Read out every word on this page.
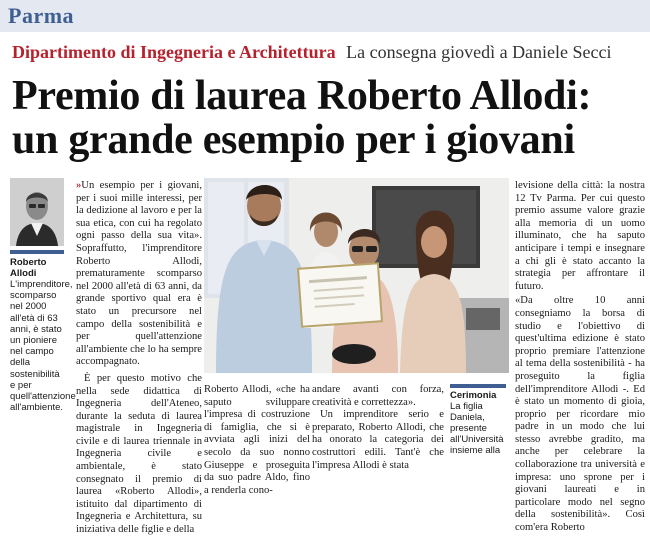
Parma
Dipartimento di Ingegneria e Architettura La consegna giovedì a Daniele Secci
Premio di laurea Roberto Allodi:
un grande esempio per i giovani
Roberto Allodi
L'imprenditore, scomparso nel 2000 all'età di 63 anni, è stato un pioniere nel campo della sostenibilità e per quell'attenzione all'ambiente.

»Un esempio per i giovani, per i suoi mille interessi, per la dedizione al lavoro e per la sua etica, con cui ha regolato ogni passo della sua vita». Sopraffutto, l'imprenditore Roberto Allodi, prematuramente scomparso nel 2000 all'età di 63 anni, da grande sportivo qual era è stato un precursore nel campo della sostenibilità e per quell'attenzione all'ambiente che lo ha sempre accompagnato.

È per questo motivo che nella sede didattica di Ingegneria dell'Ateneo, durante la seduta di laurea magistrale in Ingegneria civile e di laurea triennale in Ingegneria civile e ambientale, è stato consegnato il premio di laurea «Roberto Allodi», istituito dal dipartimento di Ingegneria e Architettura, su iniziativa delle figlie e della

Roberto Allodi, «che ha saputo sviluppare l'impresa di costruzione di famiglia, che si è avviata agli inizi del secolo da suo nonno Giuseppe e proseguita da suo padre Aldo, fino a renderla cono-

andare avanti con forza, creatività e correttezza».

Un imprenditore serio e preparato, Roberto Allodi, che ha onorato la categoria dei costruttori edili. Tant'è che l'impresa Allodi è stata

Cerimonia
La figlia Daniela, presente all'Università insieme alla

levisione della città: la nostra 12 Tv Parma. Per cui questo premio assume valore grazie alla memoria di un uomo illuminato, che ha saputo anticipare i tempi e insegnare a chi gli è stato accanto la strategia per affrontare il futuro.

«Da oltre 10 anni consegniamo la borsa di studio e l'obiettivo di quest'ultima edizione è stato proprio premiare l'attenzione al tema della sostenibilità - ha proseguito la figlia dell'imprenditore Allodi -. Ed è stato un momento di gioia, proprio per ricordare mio padre in un modo che lui stesso avrebbe gradito, ma anche per celebrare la collaborazione tra università e impresa: uno sprone per i giovani laureati e in particolare modo nel segno della sostenibilità». Così com'era Roberto
